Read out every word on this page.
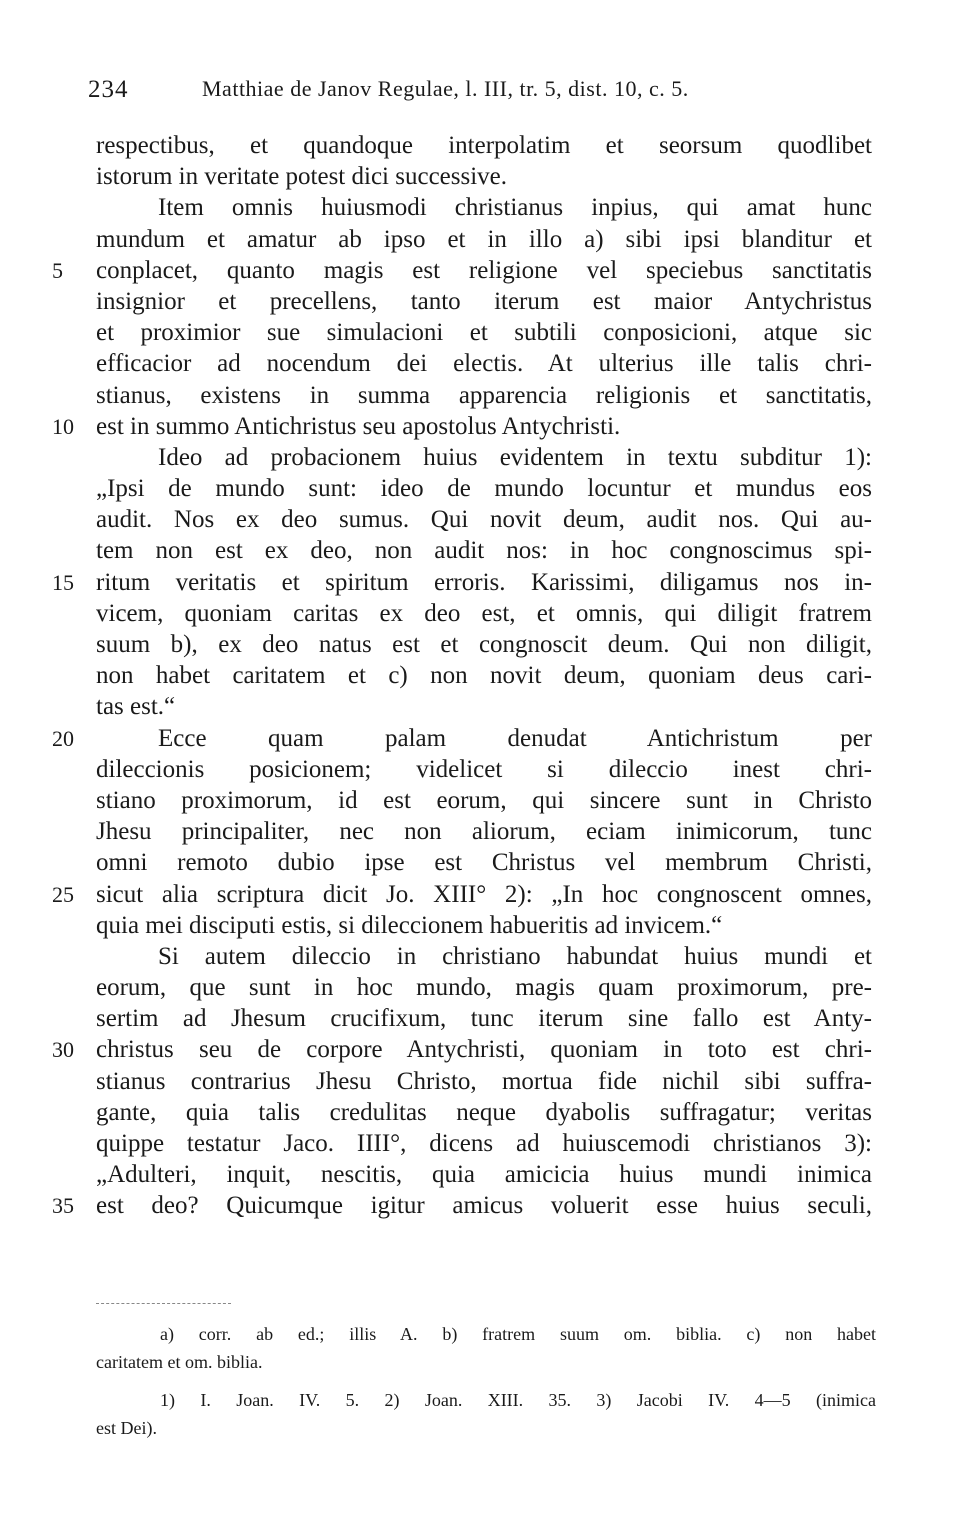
234	Matthiae de Janov Regulae, l. III, tr. 5, dist. 10, c. 5.
respectibus, et quandoque interpolatim et seorsum quodlibet
istorum in veritate potest dici successive.
Item omnis huiusmodi christianus inpius, qui amat hunc
mundum et amatur ab ipso et in illo a) sibi ipsi blanditur et
5	conplacet, quanto magis est religione vel speciebus sanctitatis
insignior et precellens, tanto iterum est maior Antychristus
et proximior sue simulacioni et subtili conposicioni, atque sic
efficacior ad nocendum dei electis. At ulterius ille talis chri-
stianus, existens in summa apparencia religionis et sanctitatis,
10 est in summo Antichristus seu apostolus Antychristi.
Ideo ad probacionem huius evidentem in textu subditur 1):
„Ipsi de mundo sunt: ideo de mundo locuntur et mundus eos
audit. Nos ex deo sumus. Qui novit deum, audit nos. Qui au-
tem non est ex deo, non audit nos: in hoc congnoscimus spi-
15 ritum veritatis et spiritum erroris. Karissimi, diligamus nos in-
vicem, quoniam caritas ex deo est, et omnis, qui diligit fratrem
suum b), ex deo natus est et congnoscit deum. Qui non diligit,
non habet caritatem et c) non novit deum, quoniam deus cari-
tas est.“
20	Ecce quam palam denudat Antichristum per
dileccionis posicionem; videlicet si dileccio inest chri-
stiano proximorum, id est eorum, qui sincere sunt in Christo
Jhesu principaliter, nec non aliorum, eciam inimicorum, tunc
omni remoto dubio ipse est Christus vel membrum Christi,
25 sicut alia scriptura dicit Jo. XIII° 2): „In hoc congnoscent omnes,
quia mei disciputi estis, si dileccionem habueritis ad invicem.“
Si autem dileccio in christiano habundat huius mundi et
eorum, que sunt in hoc mundo, magis quam proximorum, pre-
sertim ad Jhesum crucifixum, tunc iterum sine fallo est Anty-
30 christus seu de corpore Antychristi, quoniam in toto est chri-
stianus contrarius Jhesu Christo, mortua fide nichil sibi suffra-
gante, quia talis credulitas neque dyabolis suffragatur; veritas
quippe testatur Jaco. IIII°, dicens ad huiuscemodi christianos 3):
„Adulteri, inquit, nescitis, quia amicicia huius mundi inimica
35 est deo? Quicumque igitur amicus voluerit esse huius seculi,
a) corr. ab ed.; illis A. b) fratrem suum om. biblia. c) non habet
caritatem et om. biblia.
1) I. Joan. IV. 5. 2) Joan. XIII. 35. 3) Jacobi IV. 4—5 (inimica
est Dei).
